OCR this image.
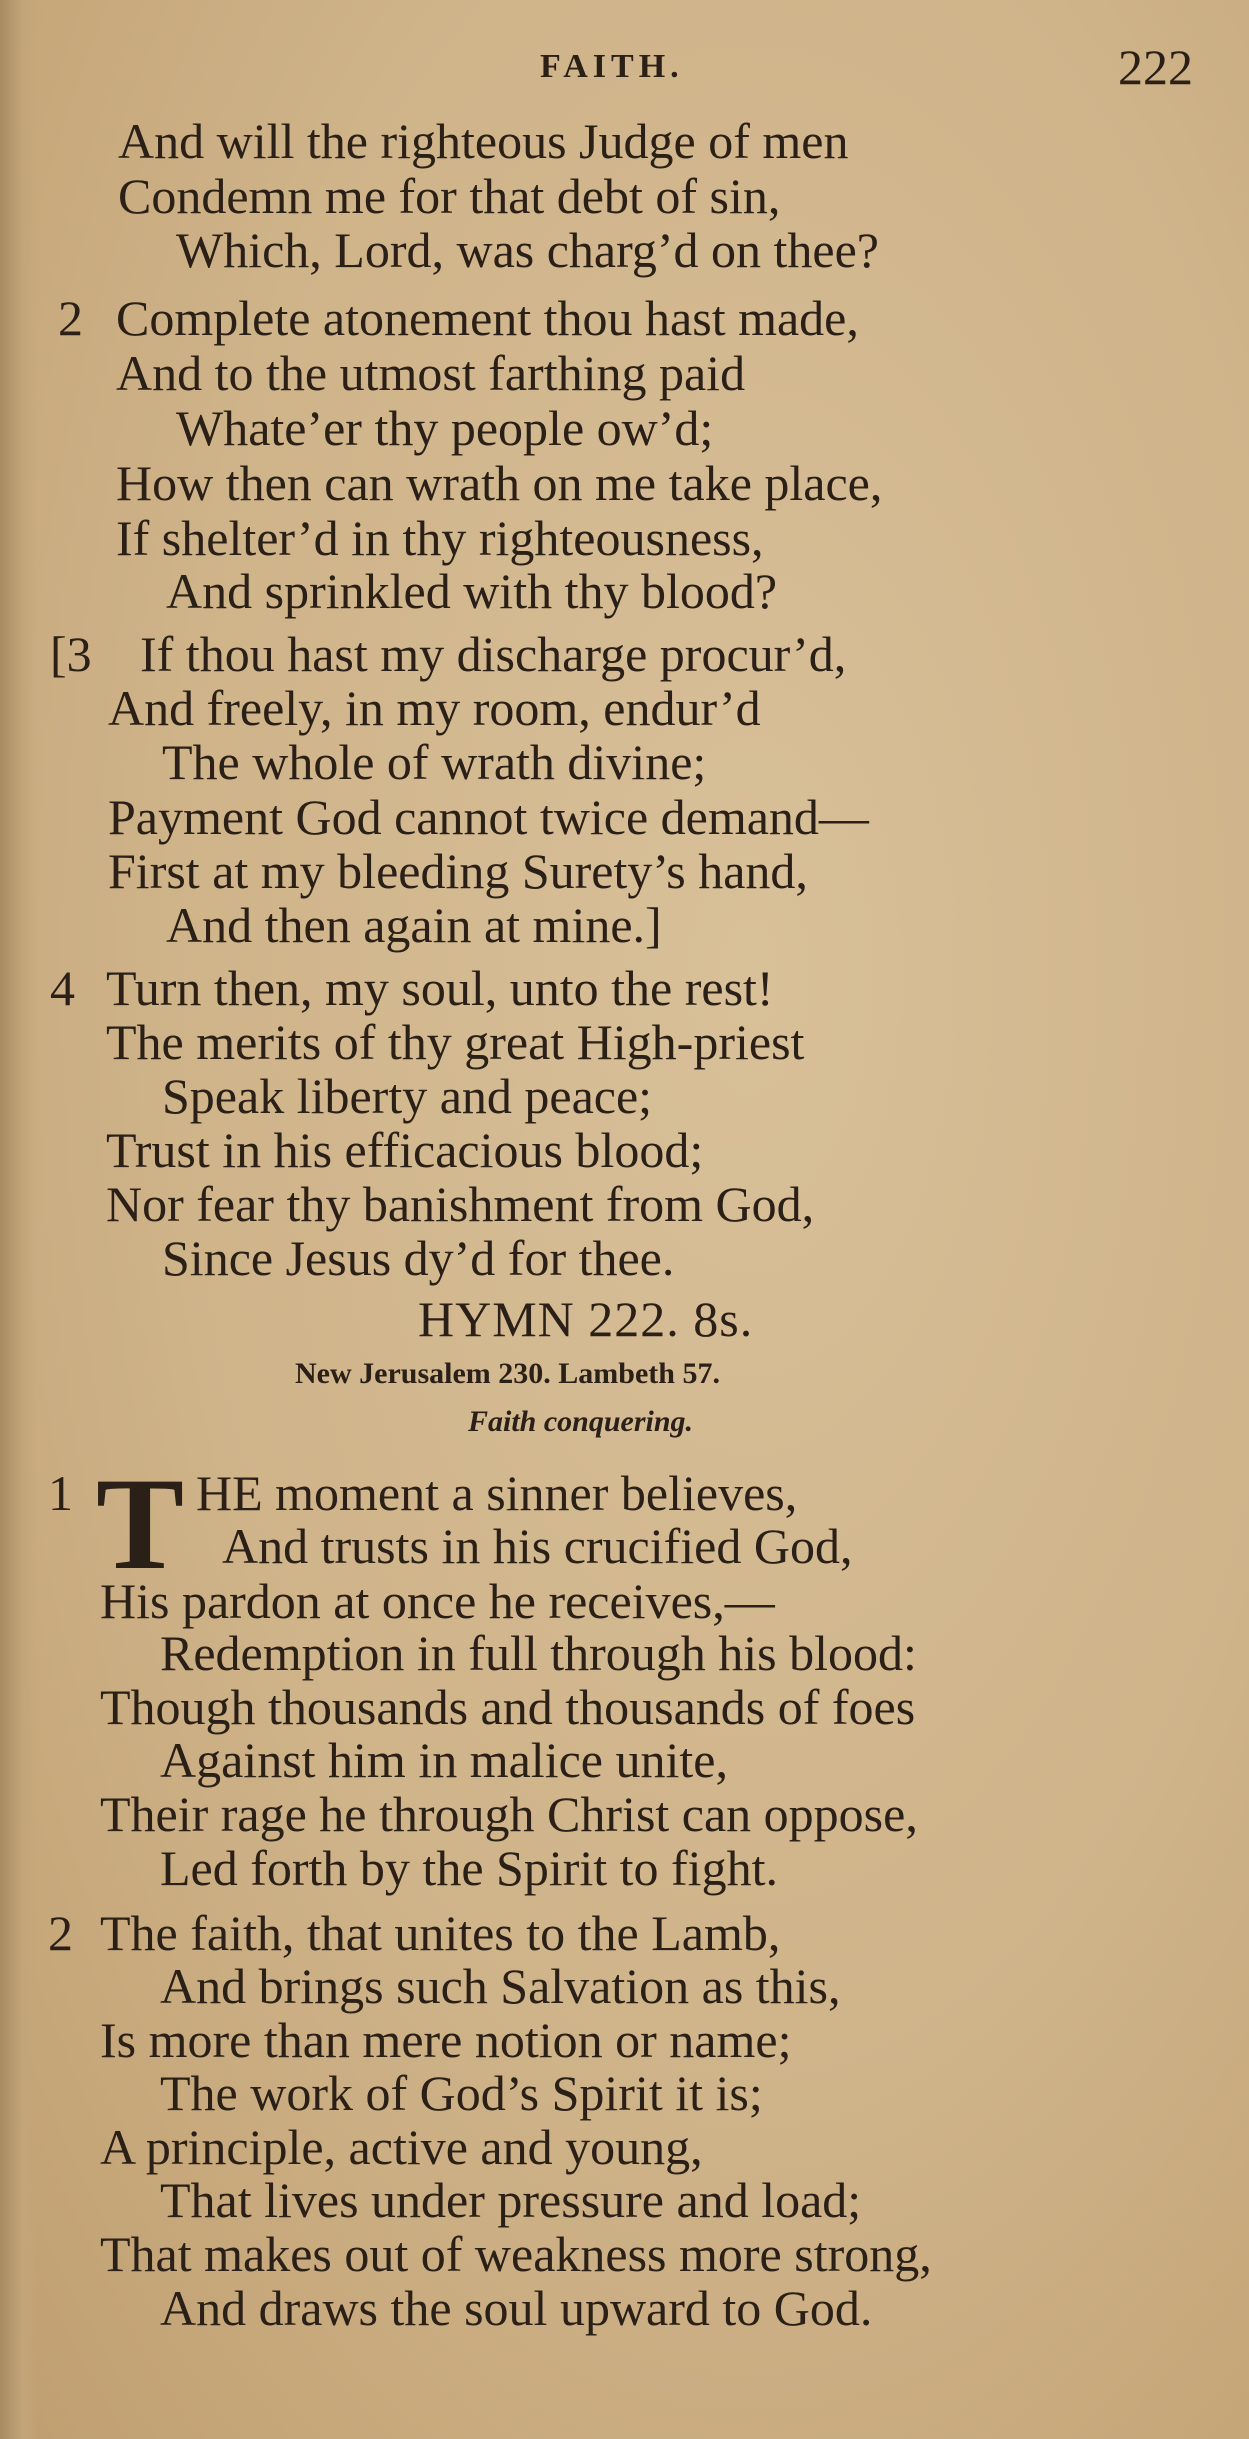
FAITH.	222
And will the righteous Judge of men
Condemn me for that debt of sin,
Which, Lord, was charg’d on thee?
2 Complete atonement thou hast made,
And to the utmost farthing paid
Whate’er thy people ow’d;
How then can wrath on me take place,
If shelter’d in thy righteousness,
And sprinkled with thy blood?
[3 If thou hast my discharge procur’d,
And freely, in my room, endur’d
The whole of wrath divine;
Payment God cannot twice demand—
First at my bleeding Surety’s hand,
And then again at mine.]
4 Turn then, my soul, unto the rest!
The merits of thy great High-priest
Speak liberty and peace;
Trust in his efficacious blood;
Nor fear thy banishment from God,
Since Jesus dy’d for thee.
HYMN 222. 8s.
New Jerusalem 230. Lambeth 57.
Faith conquering.
1 T HE moment a sinner believes,
And trusts in his crucified God,
His pardon at once he receives,—
Redemption in full through his blood:
Though thousands and thousands of foes
Against him in malice unite,
Their rage he through Christ can oppose,
Led forth by the Spirit to fight.
2 The faith, that unites to the Lamb,
And brings such Salvation as this,
Is more than mere notion or name;
The work of God’s Spirit it is;
A principle, active and young,
That lives under pressure and load;
That makes out of weakness more strong,
And draws the soul upward to God.
